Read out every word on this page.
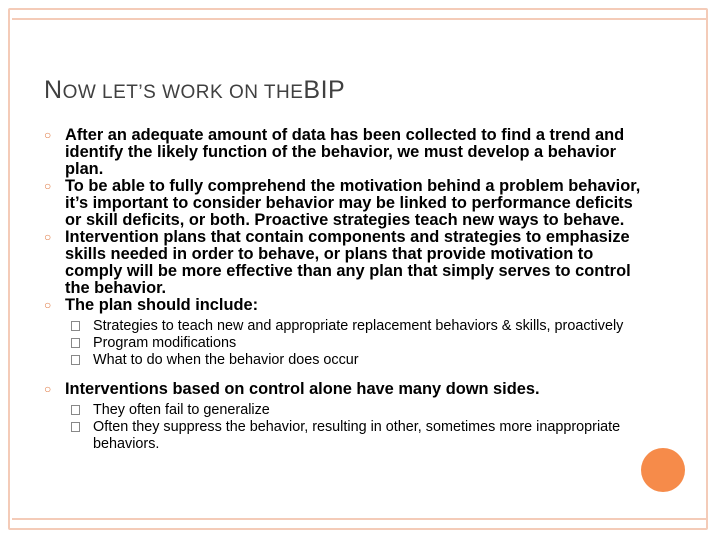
NOW LET’S WORK ON THEBIP

○ After an adequate amount of data has been collected to find a trend and identify the likely function of the behavior, we must develop a behavior plan.

○ To be able to fully comprehend the motivation behind a problem behavior, it’s important to consider behavior may be linked to performance deficits or skill deficits, or both. Proactive strategies teach new ways to behave.

○ Intervention plans that contain components and strategies to emphasize skills needed in order to behave, or plans that provide motivation to comply will be more effective than any plan that simply serves to control the behavior.

○ The plan should include:

Strategies to teach new and appropriate replacement behaviors & skills, proactively

Program modifications

What to do when the behavior does occur

○ Interventions based on control alone have many down sides.

They often fail to generalize

Often they suppress the behavior, resulting in other, sometimes more inappropriate behaviors.
